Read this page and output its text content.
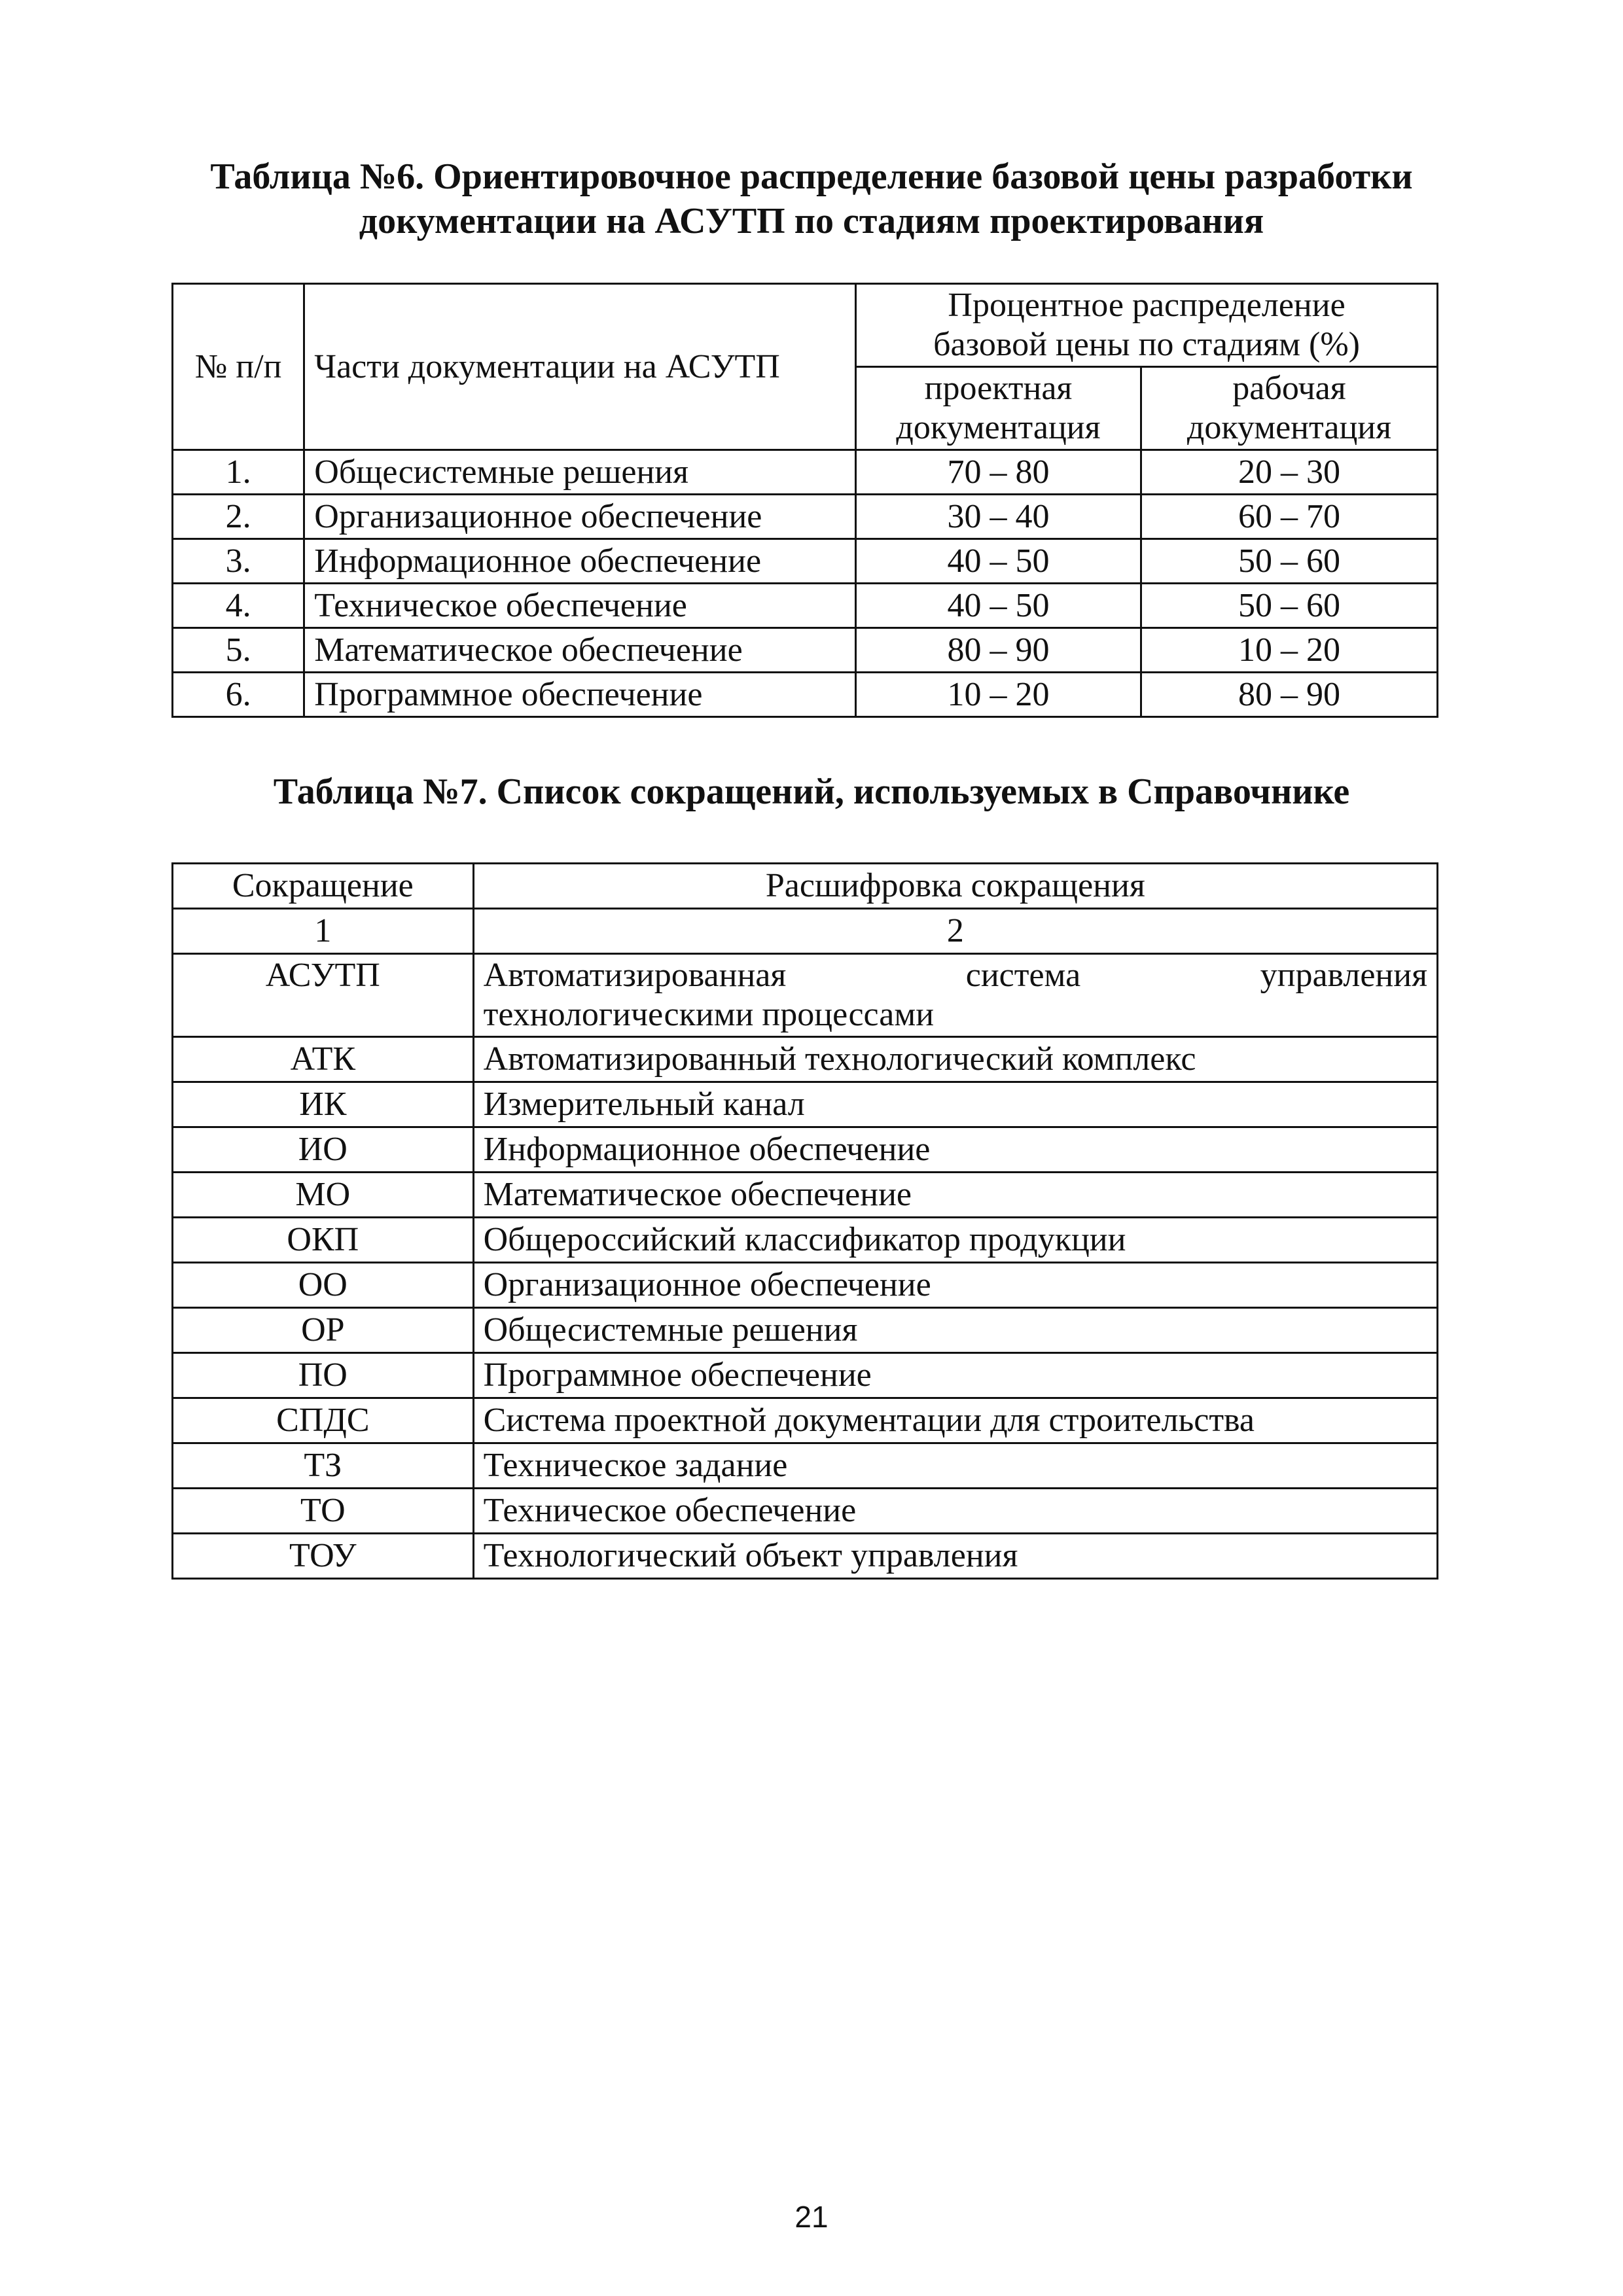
Таблица №6. Ориентировочное распределение базовой цены разработки
документации на АСУТП по стадиям проектирования
№ п/п	Части документации на АСУТП	Процентное распределение
базовой цены по стадиям (%)	

		проектная документация	рабочая документация
1.	Общесистемные решения	70 – 80	20 – 30
2.	Организационное обеспечение	30 – 40	60 – 70
3.	Информационное обеспечение	40 – 50	50 – 60
4.	Техническое обеспечение	40 – 50	50 – 60
5.	Математическое обеспечение	80 – 90	10 – 20
6.	Программное обеспечение	10 – 20	80 – 90
Таблица №7. Список сокращений, используемых в Справочнике
Сокращение	Расшифровка сокращения
1	2
АСУТП	Автоматизированная система управления
технологическими процессами

АТК	Автоматизированный технологический комплекс
ИК	Измерительный канал
ИО	Информационное обеспечение
МО	Математическое обеспечение
ОКП	Общероссийский классификатор продукции
ОО	Организационное обеспечение
ОР	Общесистемные решения
ПО	Программное обеспечение
СПДС	Система проектной документации для строительства
ТЗ	Техническое задание
ТО	Техническое обеспечение
ТОУ	Технологический объект управления
21
